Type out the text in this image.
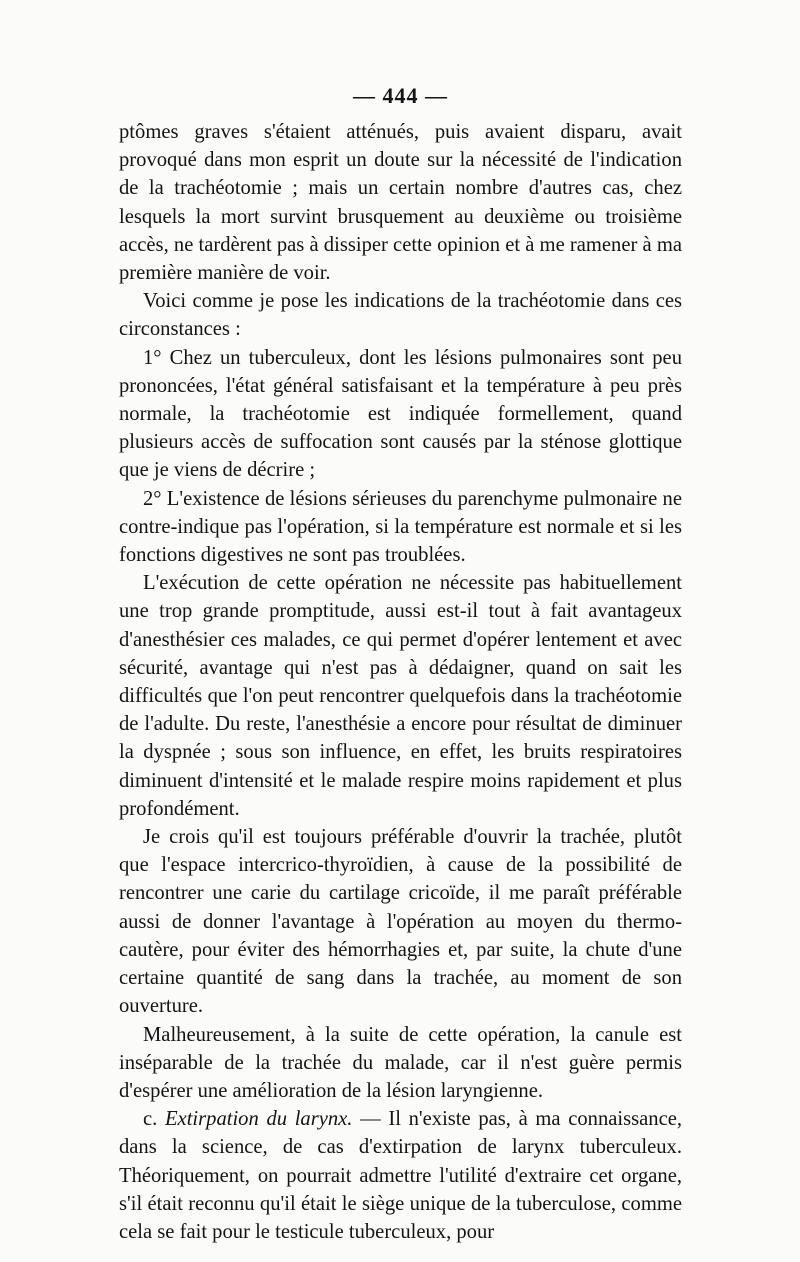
— 444 —

ptômes graves s'étaient atténués, puis avaient disparu, avait provoqué dans mon esprit un doute sur la nécessité de l'indication de la trachéotomie ; mais un certain nombre d'autres cas, chez lesquels la mort survint brusquement au deuxième ou troisième accès, ne tardèrent pas à dissiper cette opinion et à me ramener à ma première manière de voir.

Voici comme je pose les indications de la trachéotomie dans ces circonstances :

1° Chez un tuberculeux, dont les lésions pulmonaires sont peu prononcées, l'état général satisfaisant et la température à peu près normale, la trachéotomie est indiquée formellement, quand plusieurs accès de suffocation sont causés par la sténose glottique que je viens de décrire ;

2° L'existence de lésions sérieuses du parenchyme pulmonaire ne contre-indique pas l'opération, si la température est normale et si les fonctions digestives ne sont pas troublées.

L'exécution de cette opération ne nécessite pas habituellement une trop grande promptitude, aussi est-il tout à fait avantageux d'anesthésier ces malades, ce qui permet d'opérer lentement et avec sécurité, avantage qui n'est pas à dédaigner, quand on sait les difficultés que l'on peut rencontrer quelquefois dans la trachéotomie de l'adulte. Du reste, l'anesthésie a encore pour résultat de diminuer la dyspnée ; sous son influence, en effet, les bruits respiratoires diminuent d'intensité et le malade respire moins rapidement et plus profondément.

Je crois qu'il est toujours préférable d'ouvrir la trachée, plutôt que l'espace intercrico-thyroïdien, à cause de la possibilité de rencontrer une carie du cartilage cricoïde, il me paraît préférable aussi de donner l'avantage à l'opération au moyen du thermo-cautère, pour éviter des hémorrhagies et, par suite, la chute d'une certaine quantité de sang dans la trachée, au moment de son ouverture.

Malheureusement, à la suite de cette opération, la canule est inséparable de la trachée du malade, car il n'est guère permis d'espérer une amélioration de la lésion laryngienne.

c. Extirpation du larynx. — Il n'existe pas, à ma connaissance, dans la science, de cas d'extirpation de larynx tuberculeux. Théoriquement, on pourrait admettre l'utilité d'extraire cet organe, s'il était reconnu qu'il était le siège unique de la tuberculose, comme cela se fait pour le testicule tuberculeux, pour
